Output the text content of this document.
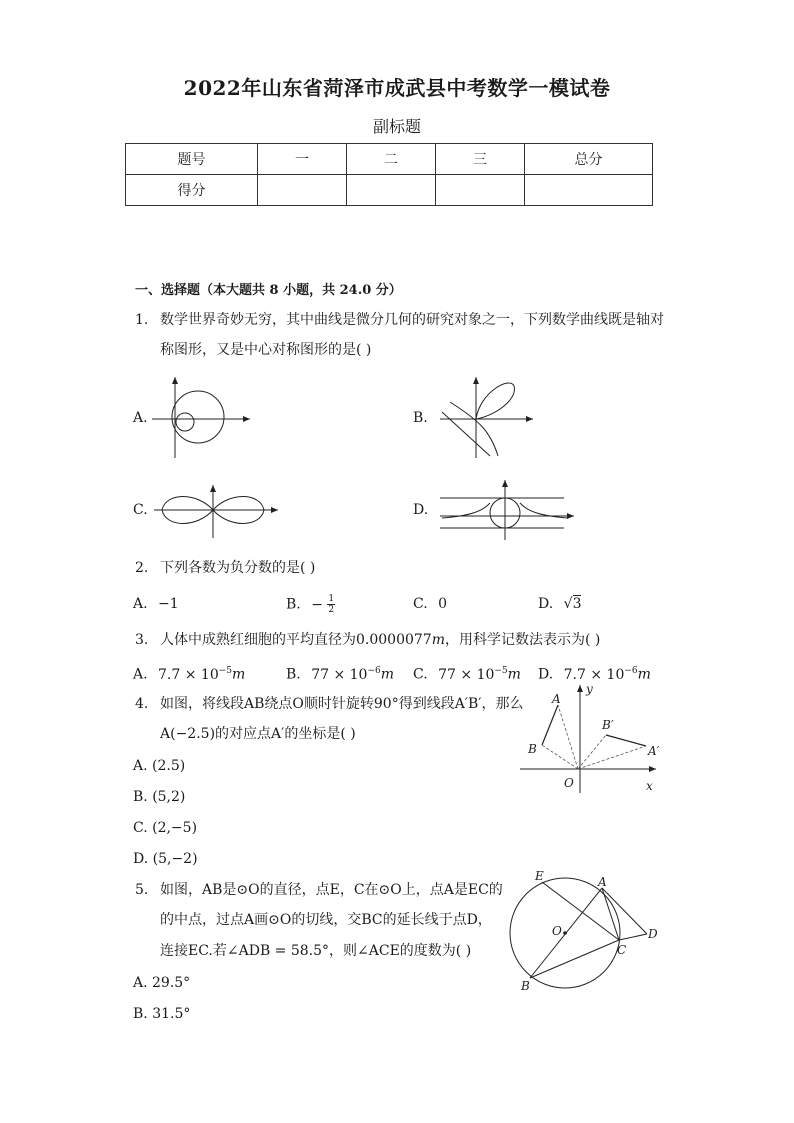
2022年山东省菏泽市成武县中考数学一模试卷
副标题
题号	一	二	三	总分
得分				
一、选择题（本大题共 8 小题，共 24.0 分）
1. 数学世界奇妙无穷，其中曲线是微分几何的研究对象之一，下列数学曲线既是轴对
称图形，又是中心对称图形的是( )
A.	B.
C.	D.
2. 下列各数为负分数的是( )
A. −1	B. − $\frac{1}{2}$	C. 0	D. √3
3. 人体中成熟红细胞的平均直径为0.0000077m，用科学记数法表示为( )
A. $7.7 \times 10^{-5}m$	B. $77 \times 10^{-6}m$ C. $77 \times 10^{-5}m$ D. $7.7 \times 10^{-6}m$
4. 如图，将线段AB绕点O顺时针旋转90°得到线段A′B′，那么
A(−2.5)的对应点A′的坐标是( )
A. (2.5)
B. (5,2)
C. (2,−5)
D. (5,−2)
A
B
B′
A′
O	x
y
5. 如图，AB是⊙O的直径，点E，C在⊙O上，点A是EC的
的中点，过点A画⊙O的切线，交BC的延长线于点D，
连接EC.若∠ADB = 58.5°，则∠ACE的度数为( )
A. 29.5°
B. 31.5°
E	A
O
C
D
B
